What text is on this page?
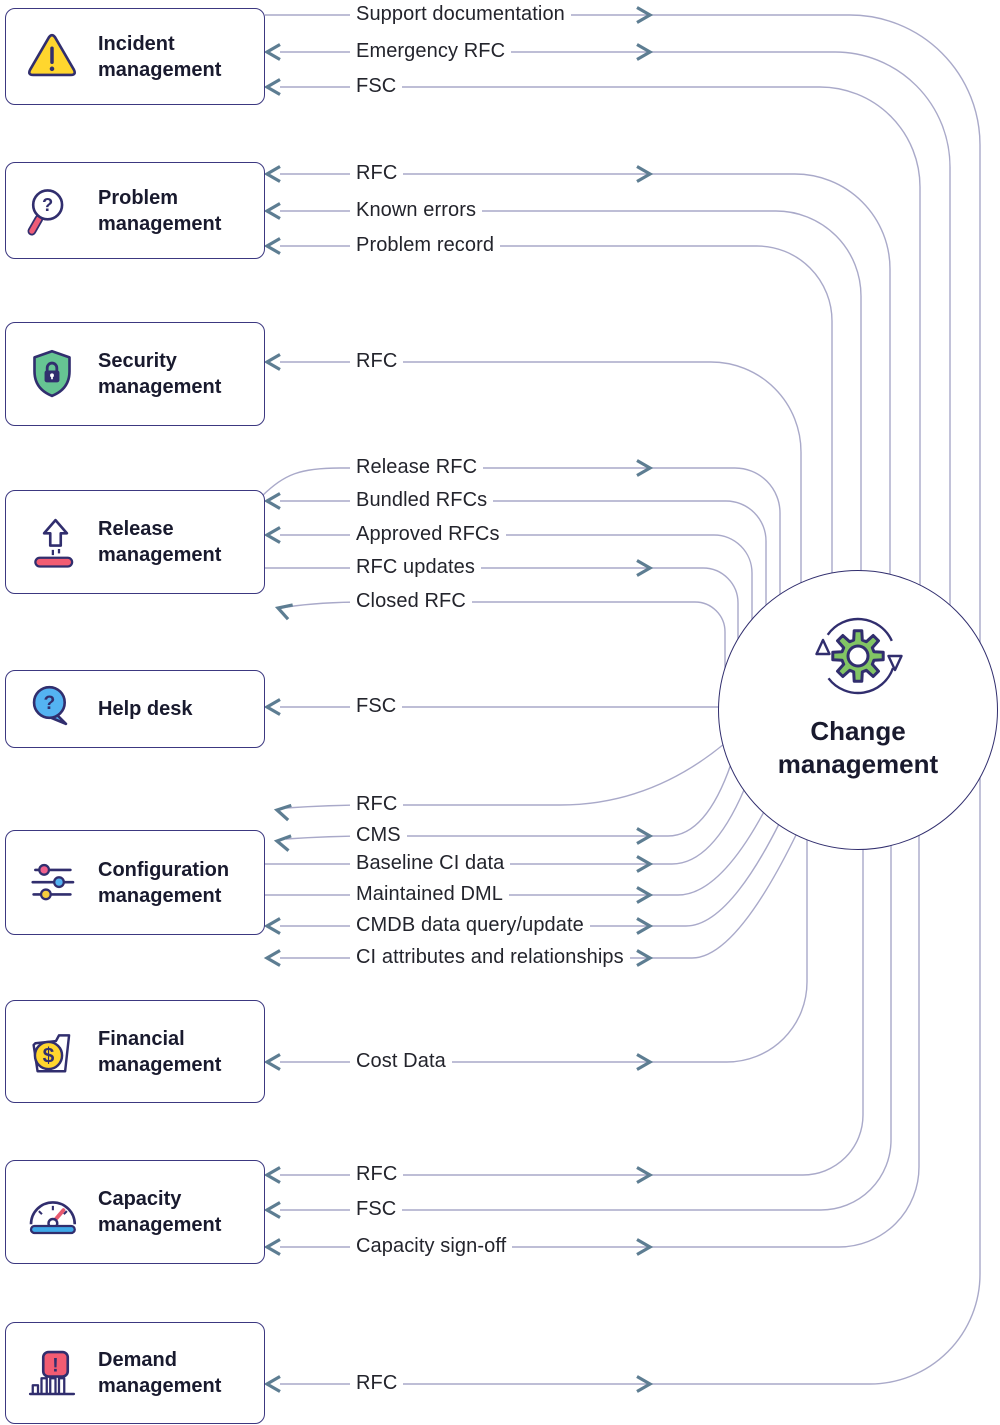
Support documentation
Emergency RFC
FSC
RFC
Known errors
Problem record
RFC
Release RFC
Bundled RFCs
Approved RFCs
RFC updates
Closed RFC
FSC
RFC
CMS
Baseline CI data
Maintained DML
CMDB data query/update
CI attributes and relationships
Cost Data
RFC
FSC
Capacity sign-off
RFC
Incident
management
? Problem
management
Security
management
Release
management
? Help desk
Configuration
management
$
Financial
management
Capacity
management
! Demand
management
Change
management
